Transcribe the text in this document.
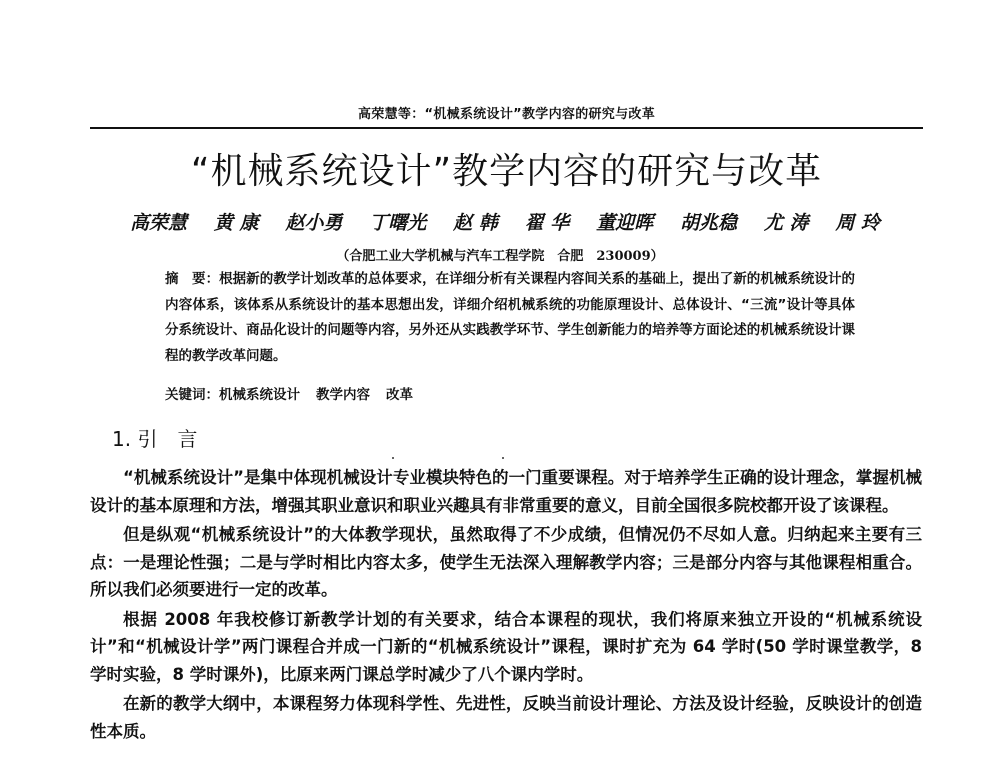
高荣慧等：“机械系统设计”教学内容的研究与改革
“机械系统设计”教学内容的研究与改革
高荣慧 黄 康 赵小勇 丁曙光 赵 韩 翟 华 董迎晖 胡兆稳 尤 涛 周 玲
（合肥工业大学机械与汽车工程学院　合肥　230009）

摘　要：根据新的教学计划改革的总体要求，在详细分析有关课程内容间关系的基础上，提出了新的机械系统设计的内容体系，该体系从系统设计的基本思想出发，详细介绍机械系统的功能原理设计、总体设计、“三流”设计等具体分系统设计、商品化设计的问题等内容，另外还从实践教学环节、学生创新能力的培养等方面论述的机械系统设计课程的教学改革问题。

关键词：机械系统设计 教学内容 改革
1. 引　言

“机械系统设计”是集中体现机械设计专业模块特色的一门重要课程。对于培养学生正确的设计理念，掌握机械设计的基本原理和方法，增强其职业意识和职业兴趣具有非常重要的意义，目前全国很多院校都开设了该课程。

但是纵观“机械系统设计”的大体教学现状，虽然取得了不少成绩，但情况仍不尽如人意。归纳起来主要有三点：一是理论性强；二是与学时相比内容太多，使学生无法深入理解教学内容；三是部分内容与其他课程相重合。所以我们必须要进行一定的改革。

根据 2008 年我校修订新教学计划的有关要求，结合本课程的现状，我们将原来独立开设的“机械系统设计”和“机械设计学”两门课程合并成一门新的“机械系统设计”课程，课时扩充为 64 学时(50 学时课堂教学，8 学时实验，8 学时课外)，比原来两门课总学时减少了八个课内学时。

在新的教学大纲中，本课程努力体现科学性、先进性，反映当前设计理论、方法及设计经验，反映设计的创造性本质。
